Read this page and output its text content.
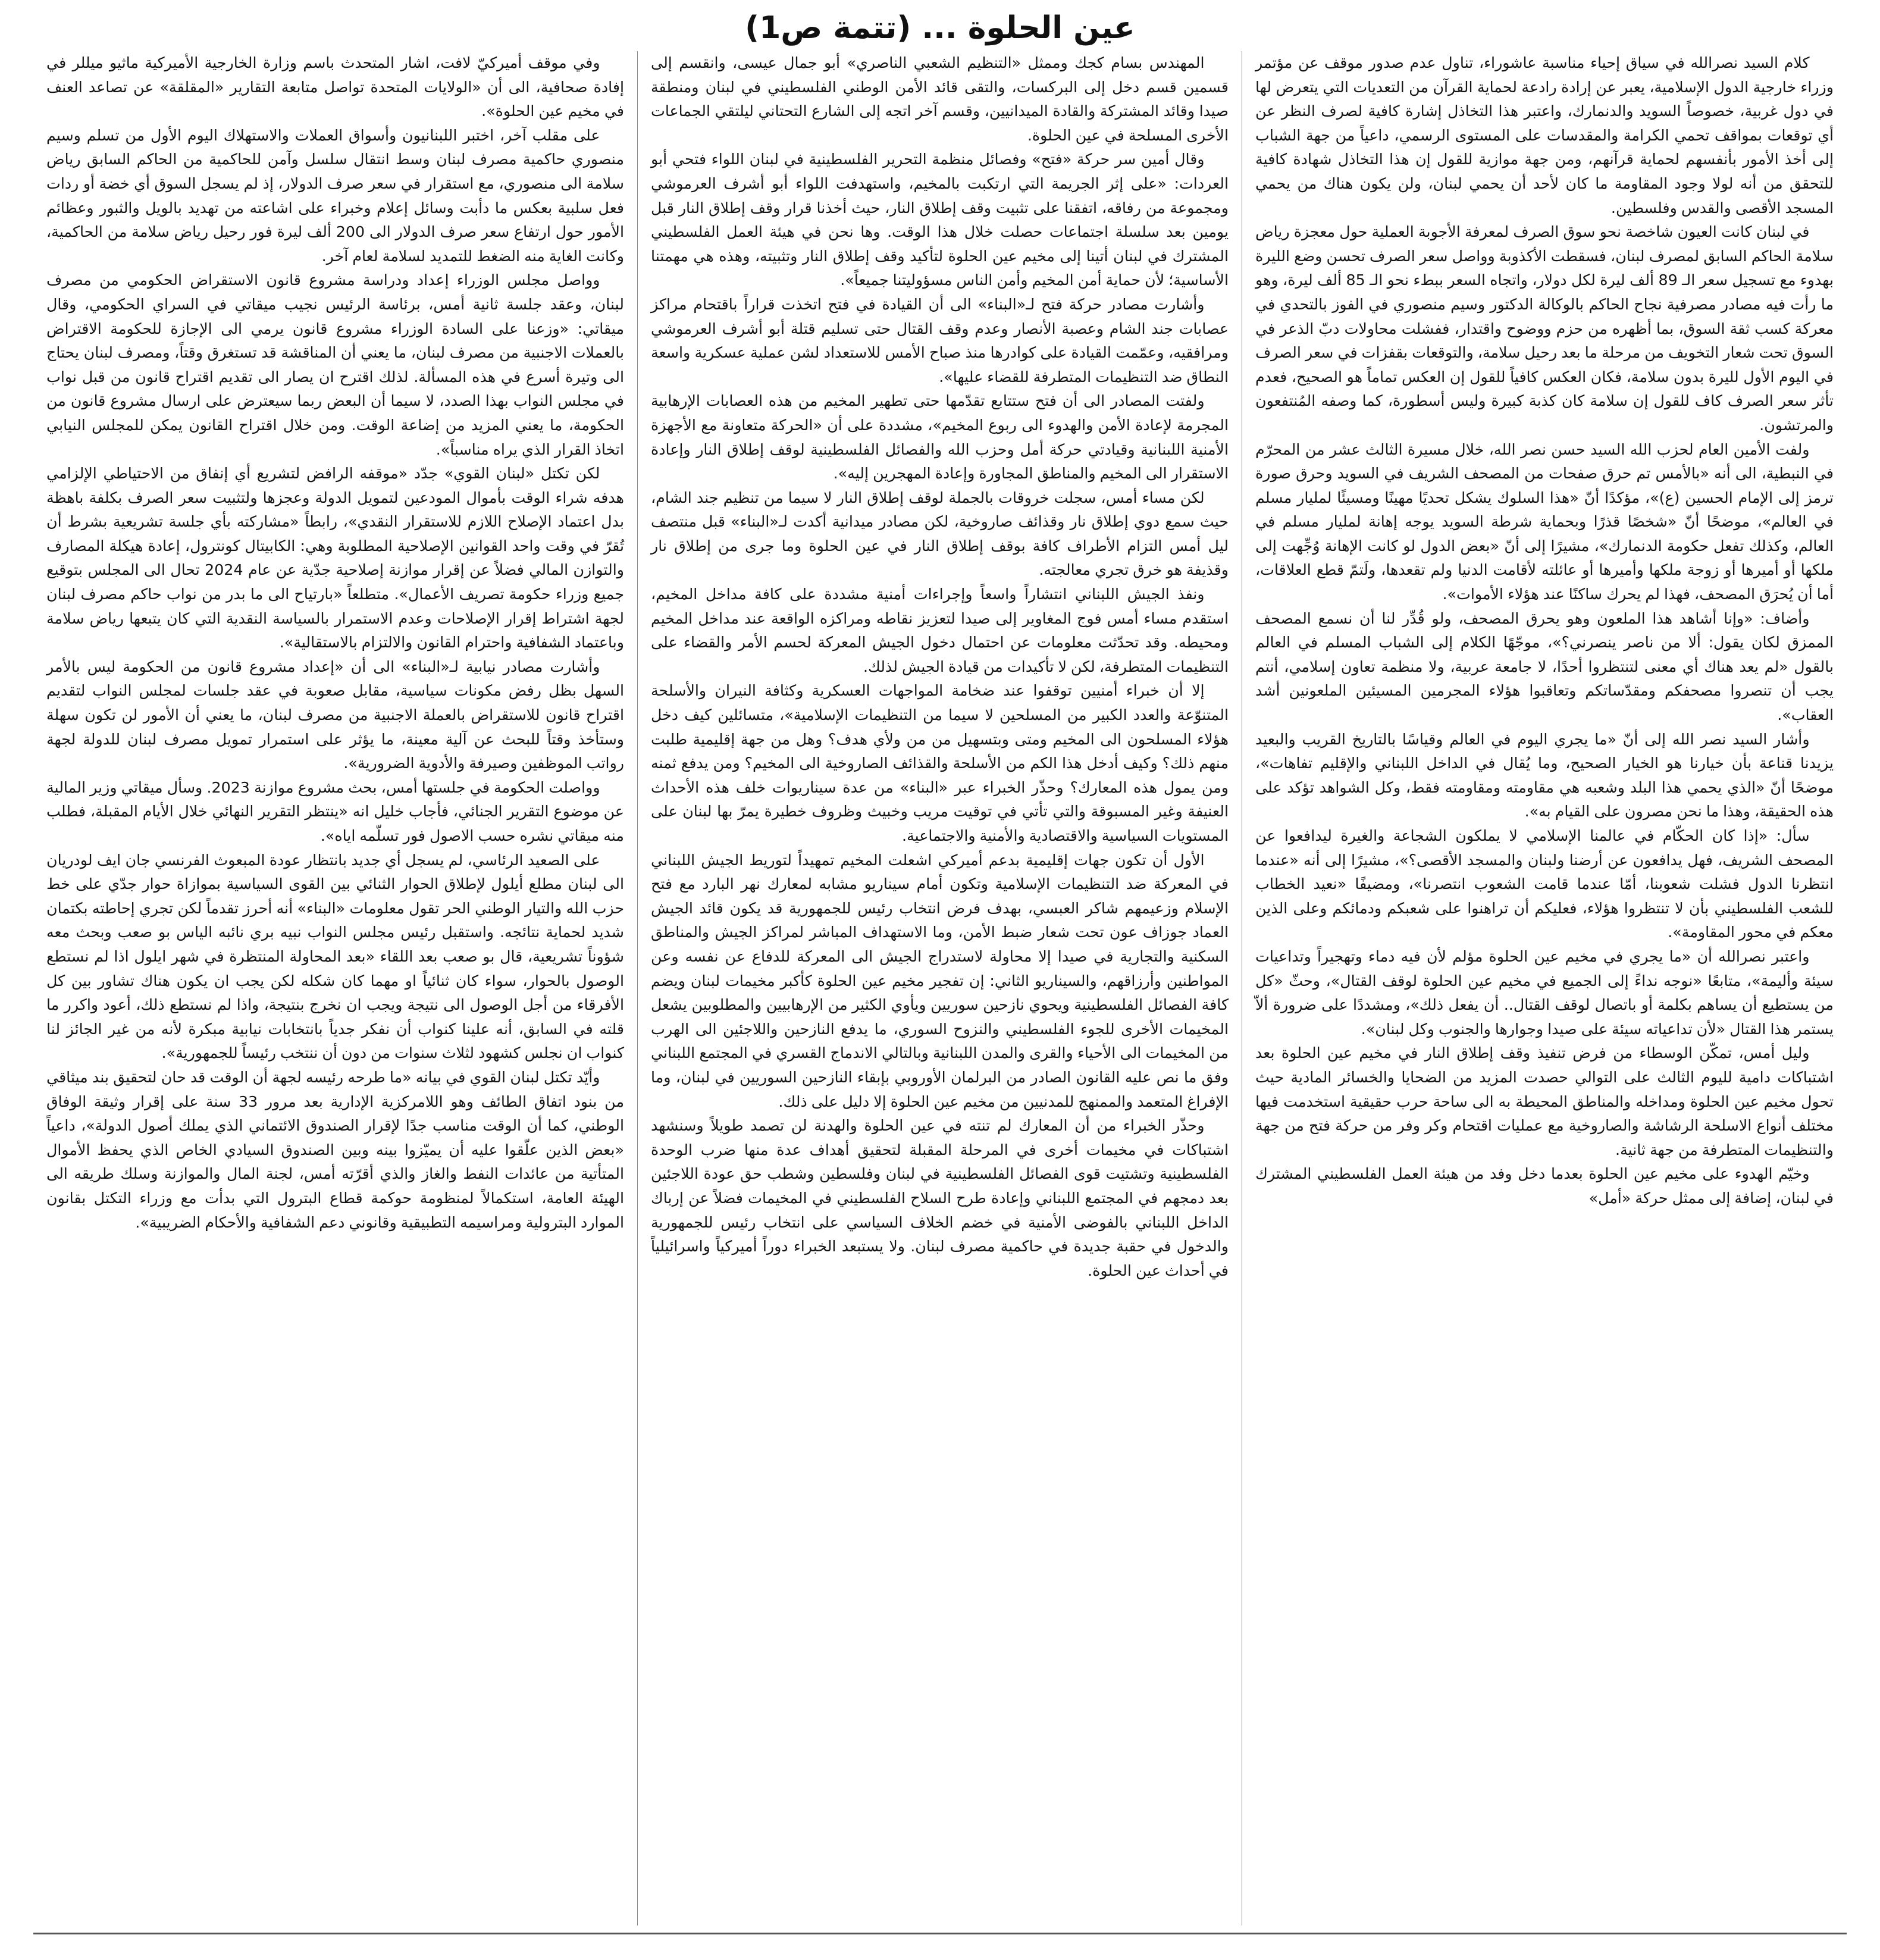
عين الحلوة ... (تتمة ص1)

كلام السيد نصرالله في سياق إحياء مناسبة عاشوراء، تناول عدم صدور موقف عن مؤتمر وزراء خارجية الدول الإسلامية، يعبر عن إرادة رادعة لحماية القرآن من التعديات التي يتعرض لها في دول غربية، خصوصاً السويد والدنمارك، واعتبر هذا التخاذل إشارة كافية لصرف النظر عن أي توقعات بمواقف تحمي الكرامة والمقدسات على المستوى الرسمي، داعياً من جهة الشباب إلى أخذ الأمور بأنفسهم لحماية قرآنهم، ومن جهة موازية للقول إن هذا التخاذل شهادة كافية للتحقق من أنه لولا وجود المقاومة ما كان لأحد أن يحمي لبنان، ولن يكون هناك من يحمي المسجد الأقصى والقدس وفلسطين.

في لبنان كانت العيون شاخصة نحو سوق الصرف لمعرفة الأجوبة العملية حول معجزة رياض سلامة الحاكم السابق لمصرف لبنان، فسقطت الأكذوبة وواصل سعر الصرف تحسن وضع الليرة بهدوء مع تسجيل سعر الـ 89 ألف ليرة لكل دولار، واتجاه السعر ببطء نحو الـ 85 ألف ليرة، وهو ما رأت فيه مصادر مصرفية نجاح الحاكم بالوكالة الدكتور وسيم منصوري في الفوز بالتحدي في معركة كسب ثقة السوق، بما أظهره من حزم ووضوح واقتدار، ففشلت محاولات دبّ الذعر في السوق تحت شعار التخويف من مرحلة ما بعد رحيل سلامة، والتوقعات بقفزات في سعر الصرف في اليوم الأول لليرة بدون سلامة، فكان العكس كافياً للقول إن العكس تماماً هو الصحيح، فعدم تأثر سعر الصرف كاف للقول إن سلامة كان كذبة كبيرة وليس أسطورة، كما وصفه المُنتفعون والمرتشون.

ولفت الأمين العام لحزب الله السيد حسن نصر الله، خلال مسيرة الثالث عشر من المحرّم في النبطية، الى أنه «بالأمس تم حرق صفحات من المصحف الشريف في السويد وحرق صورة ترمز إلى الإمام الحسين (ع)»، مؤكدًا أنّ «هذا السلوك يشكل تحديًا مهينًا ومسيئًا لمليار مسلم في العالم»، موضحًا أنّ «شخصًا قذرًا وبحماية شرطة السويد يوجه إهانة لمليار مسلم في العالم، وكذلك تفعل حكومة الدنمارك»، مشيرًا إلى أنّ «بعض الدول لو كانت الإهانة وُجِّهت إلى ملكها أو أميرها أو زوجة ملكها وأميرها أو عائلته لأقامت الدنيا ولم تقعدها، ولَتمّ قطع العلاقات، أما أن يُحرَق المصحف، فهذا لم يحرك ساكنًا عند هؤلاء الأموات».

وأضاف: «وإنا أشاهد هذا الملعون وهو يحرق المصحف، ولو قُدِّر لنا أن نسمع المصحف الممزق لكان يقول: ألا من ناصر ينصرني؟»، موجّهًا الكلام إلى الشباب المسلم في العالم بالقول «لم يعد هناك أي معنى لتنتظروا أحدًا، لا جامعة عربية، ولا منظمة تعاون إسلامي، أنتم يجب أن تنصروا مصحفكم ومقدّساتكم وتعاقبوا هؤلاء المجرمين المسيئين الملعونين أشد العقاب».

وأشار السيد نصر الله إلى أنّ «ما يجري اليوم في العالم وقياسًا بالتاريخ القريب والبعيد يزيدنا قناعة بأن خيارنا هو الخيار الصحيح، وما يُقال في الداخل اللبناني والإقليم تفاهات»، موضحًا أنّ «الذي يحمي هذا البلد وشعبه هي مقاومته ومقاومته فقط، وكل الشواهد تؤكد على هذه الحقيقة، وهذا ما نحن مصرون على القيام به».

سأل: «إذا كان الحكّام في عالمنا الإسلامي لا يملكون الشجاعة والغيرة ليدافعوا عن المصحف الشريف، فهل يدافعون عن أرضنا ولبنان والمسجد الأقصى؟»، مشيرًا إلى أنه «عندما انتظرنا الدول فشلت شعوبنا، أمّا عندما قامت الشعوب انتصرنا»، ومضيفًا «نعيد الخطاب للشعب الفلسطيني بأن لا تنتظروا هؤلاء، فعليكم أن تراهنوا على شعبكم ودمائكم وعلى الذين معكم في محور المقاومة».

واعتبر نصرالله أن «ما يجري في مخيم عين الحلوة مؤلم لأن فيه دماء وتهجيراً وتداعيات سيئة وأليمة»، متابعًا «نوجه نداءً إلى الجميع في مخيم عين الحلوة لوقف القتال»، وحثّ «كل من يستطيع أن يساهم بكلمة أو باتصال لوقف القتال.. أن يفعل ذلك»، ومشددًا على ضرورة ألاّ يستمر هذا القتال «لأن تداعياته سيئة على صيدا وجوارها والجنوب وكل لبنان».

وليل أمس، تمكّن الوسطاء من فرض تنفيذ وقف إطلاق النار في مخيم عين الحلوة بعد اشتباكات دامية لليوم الثالث على التوالي حصدت المزيد من الضحايا والخسائر المادية حيث تحول مخيم عين الحلوة ومداخله والمناطق المحيطة به الى ساحة حرب حقيقية استخدمت فيها مختلف أنواع الاسلحة الرشاشة والصاروخية مع عمليات اقتحام وكر وفر من حركة فتح من جهة والتنظيمات المتطرفة من جهة ثانية.

وخيّم الهدوء على مخيم عين الحلوة بعدما دخل وفد من هيئة العمل الفلسطيني المشترك في لبنان، إضافة إلى ممثل حركة «أمل»

المهندس بسام كجك وممثل «التنظيم الشعبي الناصري» أبو جمال عيسى، وانقسم إلى قسمين قسم دخل إلى البركسات، والتقى قائد الأمن الوطني الفلسطيني في لبنان ومنطقة صيدا وقائد المشتركة والقادة الميدانيين، وقسم آخر اتجه إلى الشارع التحتاني ليلتقي الجماعات الأخرى المسلحة في عين الحلوة.

وقال أمين سر حركة «فتح» وفصائل منظمة التحرير الفلسطينية في لبنان اللواء فتحي أبو العردات: «على إثر الجريمة التي ارتكبت بالمخيم، واستهدفت اللواء أبو أشرف العرموشي ومجموعة من رفاقه، اتفقنا على تثبيت وقف إطلاق النار، حيث أخذنا قرار وقف إطلاق النار قبل يومين بعد سلسلة اجتماعات حصلت خلال هذا الوقت. وها نحن في هيئة العمل الفلسطيني المشترك في لبنان أتينا إلى مخيم عين الحلوة لتأكيد وقف إطلاق النار وتثبيته، وهذه هي مهمتنا الأساسية؛ لأن حماية أمن المخيم وأمن الناس مسؤوليتنا جميعاً».

وأشارت مصادر حركة فتح لـ«البناء» الى أن القيادة في فتح اتخذت قراراً باقتحام مراكز عصابات جند الشام وعصبة الأنصار وعدم وقف القتال حتى تسليم قتلة أبو أشرف العرموشي ومرافقيه، وعمّمت القيادة على كوادرها منذ صباح الأمس للاستعداد لشن عملية عسكرية واسعة النطاق ضد التنظيمات المتطرفة للقضاء عليها».

ولفتت المصادر الى أن فتح ستتابع تقدّمها حتى تطهير المخيم من هذه العصابات الإرهابية المجرمة لإعادة الأمن والهدوء الى ربوع المخيم»، مشددة على أن «الحركة متعاونة مع الأجهزة الأمنية اللبنانية وقيادتي حركة أمل وحزب الله والفصائل الفلسطينية لوقف إطلاق النار وإعادة الاستقرار الى المخيم والمناطق المجاورة وإعادة المهجرين إليه».

لكن مساء أمس، سجلت خروقات بالجملة لوقف إطلاق النار لا سيما من تنظيم جند الشام، حيث سمع دوي إطلاق نار وقذائف صاروخية، لكن مصادر ميدانية أكدت لـ«البناء» قبل منتصف ليل أمس التزام الأطراف كافة بوقف إطلاق النار في عين الحلوة وما جرى من إطلاق نار وقذيفة هو خرق تجري معالجته.

ونفذ الجيش اللبناني انتشاراً واسعاً وإجراءات أمنية مشددة على كافة مداخل المخيم، استقدم مساء أمس فوج المغاوير إلى صيدا لتعزيز نقاطه ومراكزه الواقعة عند مداخل المخيم ومحيطه. وقد تحدّثت معلومات عن احتمال دخول الجيش المعركة لحسم الأمر والقضاء على التنظيمات المتطرفة، لكن لا تأكيدات من قيادة الجيش لذلك.

إلا أن خبراء أمنيين توقفوا عند ضخامة المواجهات العسكرية وكثافة النيران والأسلحة المتنوّعة والعدد الكبير من المسلحين لا سيما من التنظيمات الإسلامية»، متسائلين كيف دخل هؤلاء المسلحون الى المخيم ومتى وبتسهيل من من ولأي هدف؟ وهل من جهة إقليمية طلبت منهم ذلك؟ وكيف أدخل هذا الكم من الأسلحة والقذائف الصاروخية الى المخيم؟ ومن يدفع ثمنه ومن يمول هذه المعارك؟ وحذّر الخبراء عبر «البناء» من عدة سيناريوات خلف هذه الأحداث العنيفة وغير المسبوقة والتي تأتي في توقيت مريب وخبيث وظروف خطيرة يمرّ بها لبنان على المستويات السياسية والاقتصادية والأمنية والاجتماعية.

الأول أن تكون جهات إقليمية بدعم أميركي اشعلت المخيم تمهيداً لتوريط الجيش اللبناني في المعركة ضد التنظيمات الإسلامية وتكون أمام سيناريو مشابه لمعارك نهر البارد مع فتح الإسلام وزعيمهم شاكر العبسي، بهدف فرض انتخاب رئيس للجمهورية قد يكون قائد الجيش العماد جوزاف عون تحت شعار ضبط الأمن، وما الاستهداف المباشر لمراكز الجيش والمناطق السكنية والتجارية في صيدا إلا محاولة لاستدراج الجيش الى المعركة للدفاع عن نفسه وعن المواطنين وأرزاقهم، والسيناريو الثاني: إن تفجير مخيم عين الحلوة كأكبر مخيمات لبنان ويضم كافة الفصائل الفلسطينية ويحوي نازحين سوريين ويأوي الكثير من الإرهابيين والمطلوبين يشعل المخيمات الأخرى للجوء الفلسطيني والنزوح السوري، ما يدفع النازحين واللاجئين الى الهرب من المخيمات الى الأحياء والقرى والمدن اللبنانية وبالتالي الاندماج القسري في المجتمع اللبناني وفق ما نص عليه القانون الصادر من البرلمان الأوروبي بإبقاء النازحين السوريين في لبنان، وما الإفراغ المتعمد والممنهج للمدنيين من مخيم عين الحلوة إلا دليل على ذلك.

وحذّر الخبراء من أن المعارك لم تنته في عين الحلوة والهدنة لن تصمد طويلاً وسنشهد اشتباكات في مخيمات أخرى في المرحلة المقبلة لتحقيق أهداف عدة منها ضرب الوحدة الفلسطينية وتشتيت قوى الفصائل الفلسطينية في لبنان وفلسطين وشطب حق عودة اللاجئين بعد دمجهم في المجتمع اللبناني وإعادة طرح السلاح الفلسطيني في المخيمات فضلاً عن إرباك الداخل اللبناني بالفوضى الأمنية في خضم الخلاف السياسي على انتخاب رئيس للجمهورية والدخول في حقبة جديدة في حاكمية مصرف لبنان. ولا يستبعد الخبراء دوراً أميركياً واسرائيلياً في أحداث عين الحلوة.

وفي موقف أميركيّ لافت، اشار المتحدث باسم وزارة الخارجية الأميركية ماثيو ميللر في إفادة صحافية، الى أن «الولايات المتحدة تواصل متابعة التقارير «المقلقة» عن تصاعد العنف في مخيم عين الحلوة».

على مقلب آخر، اختبر اللبنانيون وأسواق العملات والاستهلاك اليوم الأول من تسلم وسيم منصوري حاكمية مصرف لبنان وسط انتقال سلسل وآمن للحاكمية من الحاكم السابق رياض سلامة الى منصوري، مع استقرار في سعر صرف الدولار، إذ لم يسجل السوق أي خضة أو ردات فعل سلبية بعكس ما دأبت وسائل إعلام وخبراء على اشاعته من تهديد بالويل والثبور وعظائم الأمور حول ارتفاع سعر صرف الدولار الى 200 ألف ليرة فور رحيل رياض سلامة من الحاكمية، وكانت الغاية منه الضغط للتمديد لسلامة لعام آخر.

وواصل مجلس الوزراء إعداد ودراسة مشروع قانون الاستقراض الحكومي من مصرف لبنان، وعقد جلسة ثانية أمس، برئاسة الرئيس نجيب ميقاتي في السراي الحكومي، وقال ميقاتي: «وزعنا على السادة الوزراء مشروع قانون يرمي الى الإجازة للحكومة الاقتراض بالعملات الاجنبية من مصرف لبنان، ما يعني أن المناقشة قد تستغرق وقتاً، ومصرف لبنان يحتاج الى وتيرة أسرع في هذه المسألة. لذلك اقترح ان يصار الى تقديم اقتراح قانون من قبل نواب في مجلس النواب بهذا الصدد، لا سيما أن البعض ربما سيعترض على ارسال مشروع قانون من الحكومة، ما يعني المزيد من إضاعة الوقت. ومن خلال اقتراح القانون يمكن للمجلس النيابي اتخاذ القرار الذي يراه مناسباً».

لكن تكتل «لبنان القوي» جدّد «موقفه الرافض لتشريع أي إنفاق من الاحتياطي الإلزامي هدفه شراء الوقت بأموال المودعين لتمويل الدولة وعجزها ولتثبيت سعر الصرف بكلفة باهظة بدل اعتماد الإصلاح اللازم للاستقرار النقدي»، رابطاً «مشاركته بأي جلسة تشريعية بشرط أن تُقرّ في وقت واحد القوانين الإصلاحية المطلوبة وهي: الكابيتال كونترول، إعادة هيكلة المصارف والتوازن المالي فضلاً عن إقرار موازنة إصلاحية جدّية عن عام 2024 تحال الى المجلس بتوقيع جميع وزراء حكومة تصريف الأعمال». متطلعاً «بارتياح الى ما بدر من نواب حاكم مصرف لبنان لجهة اشتراط إقرار الإصلاحات وعدم الاستمرار بالسياسة النقدية التي كان يتبعها رياض سلامة وباعتماد الشفافية واحترام القانون والالتزام بالاستقالية».

وأشارت مصادر نيابية لـ«البناء» الى أن «إعداد مشروع قانون من الحكومة ليس بالأمر السهل بظل رفض مكونات سياسية، مقابل صعوبة في عقد جلسات لمجلس النواب لتقديم اقتراح قانون للاستقراض بالعملة الاجنبية من مصرف لبنان، ما يعني أن الأمور لن تكون سهلة وستأخذ وقتاً للبحث عن آلية معينة، ما يؤثر على استمرار تمويل مصرف لبنان للدولة لجهة رواتب الموظفين وصيرفة والأدوية الضرورية».

وواصلت الحكومة في جلستها أمس، بحث مشروع موازنة 2023. وسأل ميقاتي وزير المالية عن موضوع التقرير الجنائي، فأجاب خليل انه «ينتظر التقرير النهائي خلال الأيام المقبلة، فطلب منه ميقاتي نشره حسب الاصول فور تسلّمه اياه».

على الصعيد الرئاسي، لم يسجل أي جديد بانتظار عودة المبعوث الفرنسي جان ايف لودريان الى لبنان مطلع أيلول لإطلاق الحوار الثنائي بين القوى السياسية بموازاة حوار جدّي على خط حزب الله والتيار الوطني الحر تقول معلومات «البناء» أنه أحرز تقدماً لكن تجري إحاطته بكتمان شديد لحماية نتائجه. واستقبل رئيس مجلس النواب نبيه بري نائبه الياس بو صعب وبحث معه شؤوناً تشريعية، قال بو صعب بعد اللقاء «بعد المحاولة المنتظرة في شهر ايلول اذا لم نستطع الوصول بالحوار، سواء كان ثنائياً او مهما كان شكله لكن يجب ان يكون هناك تشاور بين كل الأفرقاء من أجل الوصول الى نتيجة ويجب ان نخرج بنتيجة، واذا لم نستطع ذلك، أعود واكرر ما قلته في السابق، أنه علينا كنواب أن نفكر جدياً بانتخابات نيابية مبكرة لأنه من غير الجائز لنا كنواب ان نجلس كشهود لثلاث سنوات من دون أن ننتخب رئيساً للجمهورية».

وأيّد تكتل لبنان القوي في بيانه «ما طرحه رئيسه لجهة أن الوقت قد حان لتحقيق بند ميثاقي من بنود اتفاق الطائف وهو اللامركزية الإدارية بعد مرور 33 سنة على إقرار وثيقة الوفاق الوطني، كما أن الوقت مناسب جدًا لإقرار الصندوق الائتماني الذي يملك أصول الدولة»، داعياً «بعض الذين علّقوا عليه أن يميّزوا بينه وبين الصندوق السيادي الخاص الذي يحفظ الأموال المتأتية من عائدات النفط والغاز والذي أقرّته أمس، لجنة المال والموازنة وسلك طريقه الى الهيئة العامة، استكمالاً لمنظومة حوكمة قطاع البترول التي بدأت مع وزراء التكتل بقانون الموارد البترولية ومراسيمه التطبيقية وقانوني دعم الشفافية والأحكام الضريبية».
